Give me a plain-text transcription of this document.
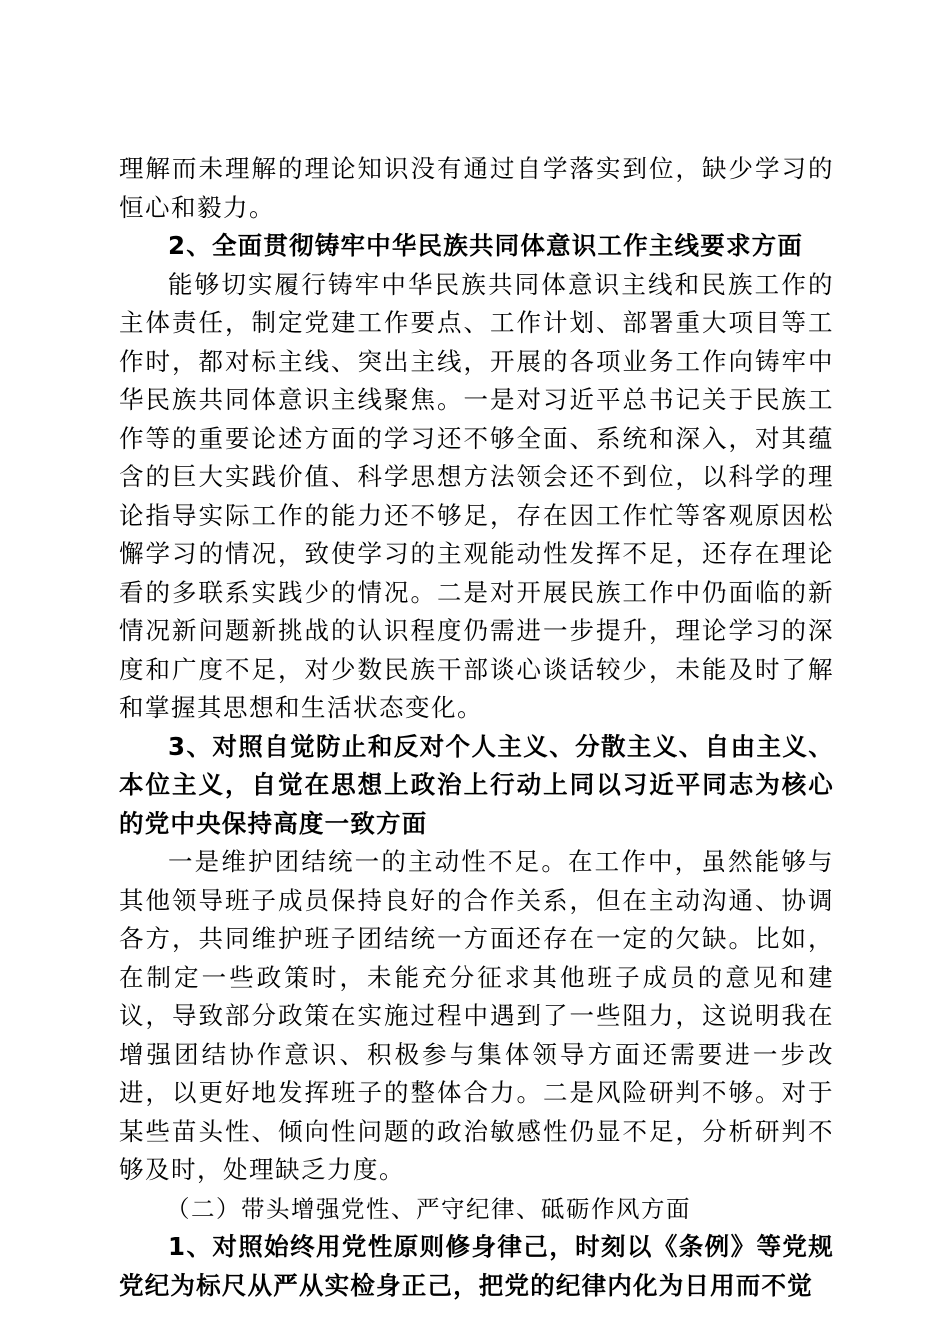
理解而未理解的理论知识没有通过自学落实到位，缺少学习的恒心和毅力。

2、全面贯彻铸牢中华民族共同体意识工作主线要求方面

能够切实履行铸牢中华民族共同体意识主线和民族工作的主体责任，制定党建工作要点、工作计划、部署重大项目等工作时，都对标主线、突出主线，开展的各项业务工作向铸牢中华民族共同体意识主线聚焦。一是对习近平总书记关于民族工作等的重要论述方面的学习还不够全面、系统和深入，对其蕴含的巨大实践价值、科学思想方法领会还不到位，以科学的理论指导实际工作的能力还不够足，存在因工作忙等客观原因松懈学习的情况，致使学习的主观能动性发挥不足，还存在理论看的多联系实践少的情况。二是对开展民族工作中仍面临的新情况新问题新挑战的认识程度仍需进一步提升，理论学习的深度和广度不足，对少数民族干部谈心谈话较少，未能及时了解和掌握其思想和生活状态变化。

3、对照自觉防止和反对个人主义、分散主义、自由主义、本位主义，自觉在思想上政治上行动上同以习近平同志为核心的党中央保持高度一致方面

一是维护团结统一的主动性不足。在工作中，虽然能够与其他领导班子成员保持良好的合作关系，但在主动沟通、协调各方，共同维护班子团结统一方面还存在一定的欠缺。比如，在制定一些政策时，未能充分征求其他班子成员的意见和建议，导致部分政策在实施过程中遇到了一些阻力，这说明我在增强团结协作意识、积极参与集体领导方面还需要进一步改进，以更好地发挥班子的整体合力。二是风险研判不够。对于某些苗头性、倾向性问题的政治敏感性仍显不足，分析研判不够及时，处理缺乏力度。

（二）带头增强党性、严守纪律、砥砺作风方面

1、对照始终用党性原则修身律己，时刻以《条例》等党规党纪为标尺从严从实检身正己，把党的纪律内化为日用而不觉
